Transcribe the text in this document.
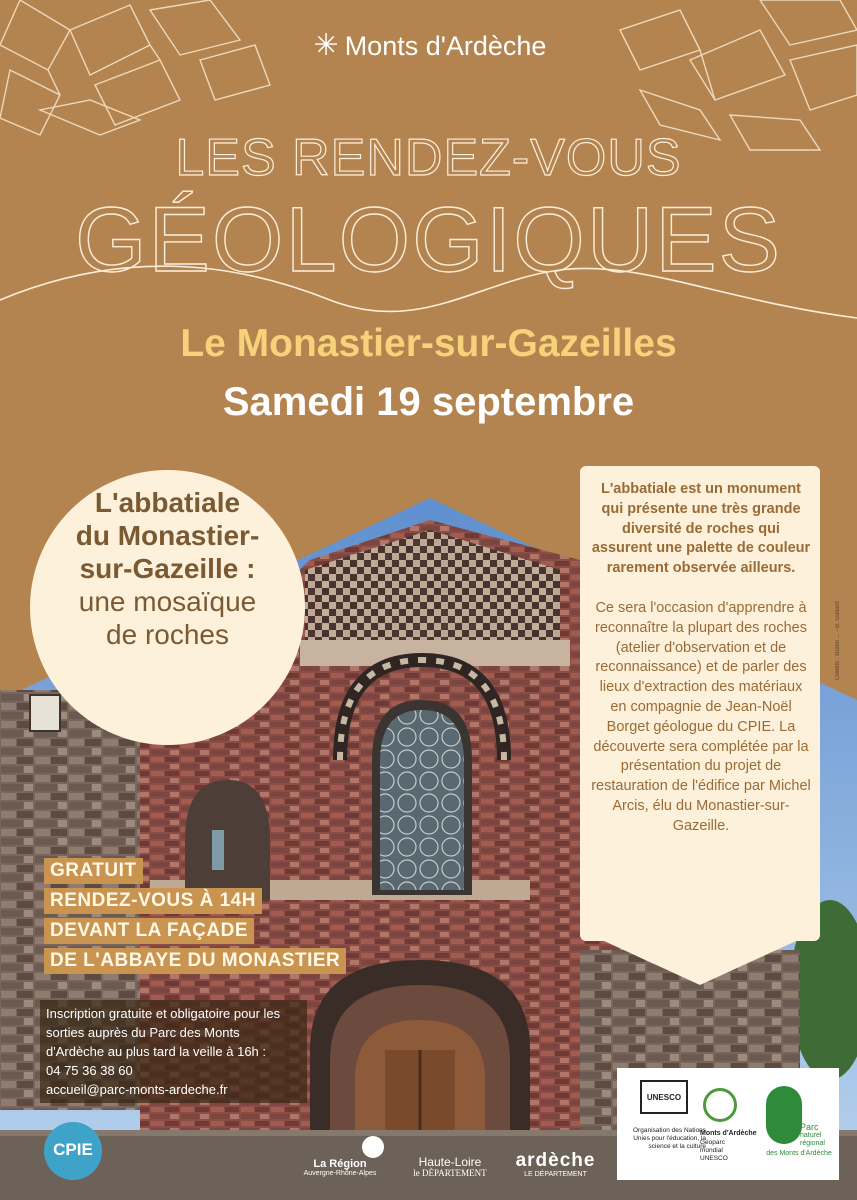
✳ Monts d'Ardèche
LES RENDEZ-VOUS
GÉOLOGIQUES
Le Monastier-sur-Gazeilles
Samedi 19 septembre
L'abbatiale
du Monastier-
sur-Gazeille :
une mosaïque
de roches

L'abbatiale est un monument qui présente une très grande diversité de roches qui assurent une palette de couleur rarement observée ailleurs.

Ce sera l'occasion d'apprendre à reconnaître la plupart des roches (atelier d'observation et de reconnaissance) et de parler des lieux d'extraction des matériaux en compagnie de Jean-Noël Borget géologue du CPIE. La découverte sera complétée par la présentation du projet de restauration de l'édifice par Michel Arcis, élu du Monastier-sur-Gazeille.

GRATUIT
RENDEZ-VOUS À 14H
DEVANT LA FAÇADE
DE L'ABBAYE DU MONASTIER
Inscription gratuite et obligatoire pour les sorties auprès du Parc des Monts d'Ardèche au plus tard la veille à 16h :
04 75 36 38 60
accueil@parc-monts-ardeche.fr
Crédits : studio ... - B. Gallard
CPIE
La Région
Auvergne-Rhône-Alpes
Haute-Loire
le DÉPARTEMENT
ardèche
LE DÉPARTEMENT
UNESCO
Organisation des Nations Unies pour l'éducation, la science et la culture
Monts d'Ardèche
Géoparc mondial UNESCO
Parc
naturel
régional
des Monts d'Ardèche
